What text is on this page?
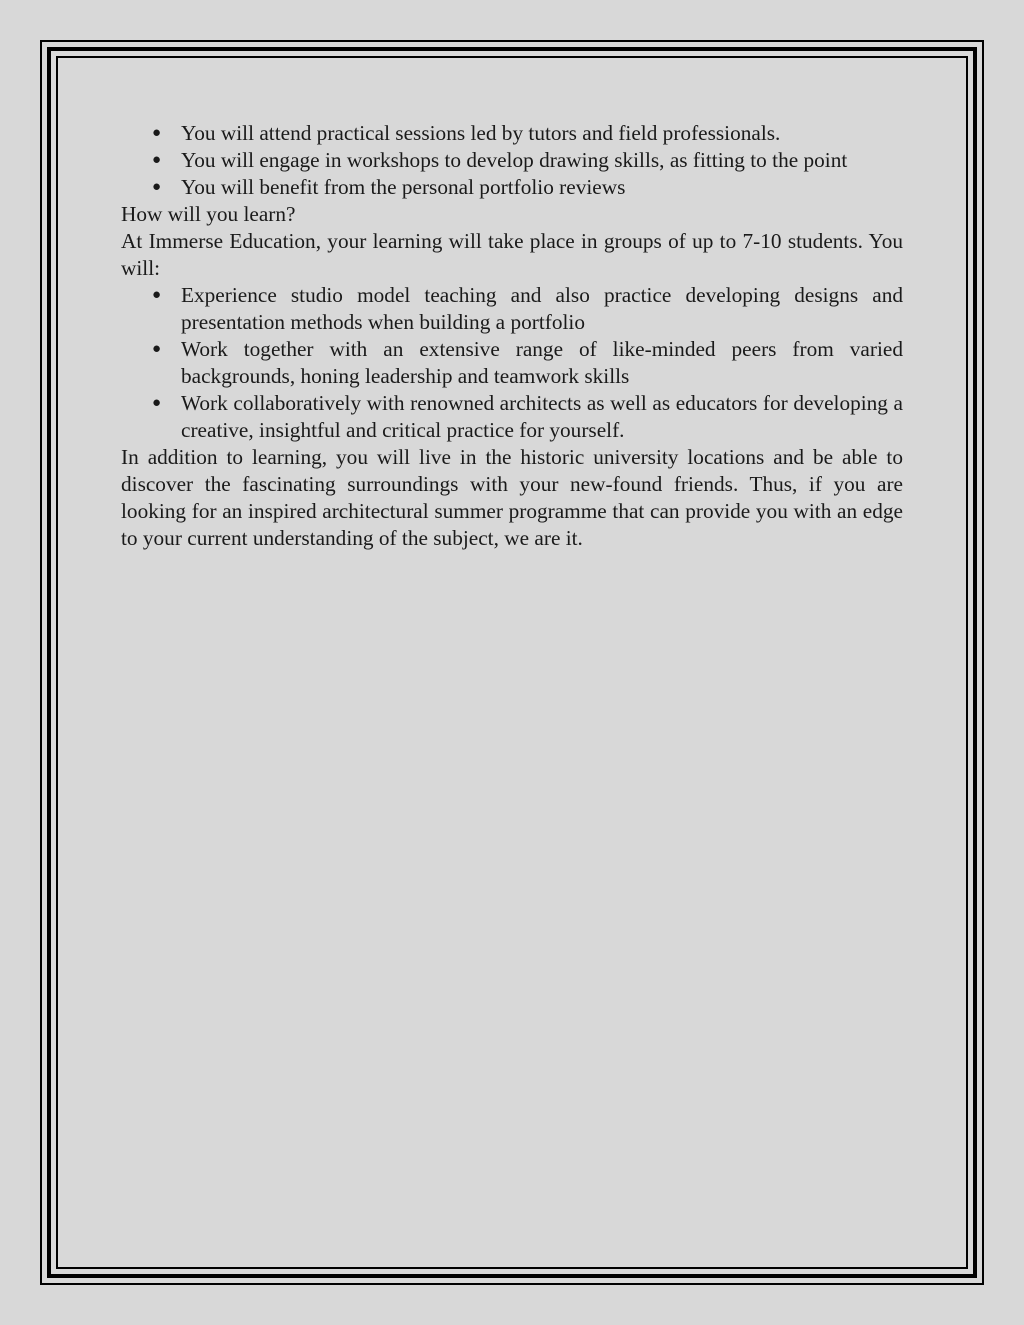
● You will attend practical sessions led by tutors and field professionals.
● You will engage in workshops to develop drawing skills, as fitting to the point
● You will benefit from the personal portfolio reviews

How will you learn?

At Immerse Education, your learning will take place in groups of up to 7-10 students. You will:

● Experience studio model teaching and also practice developing designs and presentation methods when building a portfolio
● Work together with an extensive range of like-minded peers from varied backgrounds, honing leadership and teamwork skills
● Work collaboratively with renowned architects as well as educators for developing a creative, insightful and critical practice for yourself.

In addition to learning, you will live in the historic university locations and be able to discover the fascinating surroundings with your new-found friends. Thus, if you are looking for an inspired architectural summer programme that can provide you with an edge to your current understanding of the subject, we are it.
